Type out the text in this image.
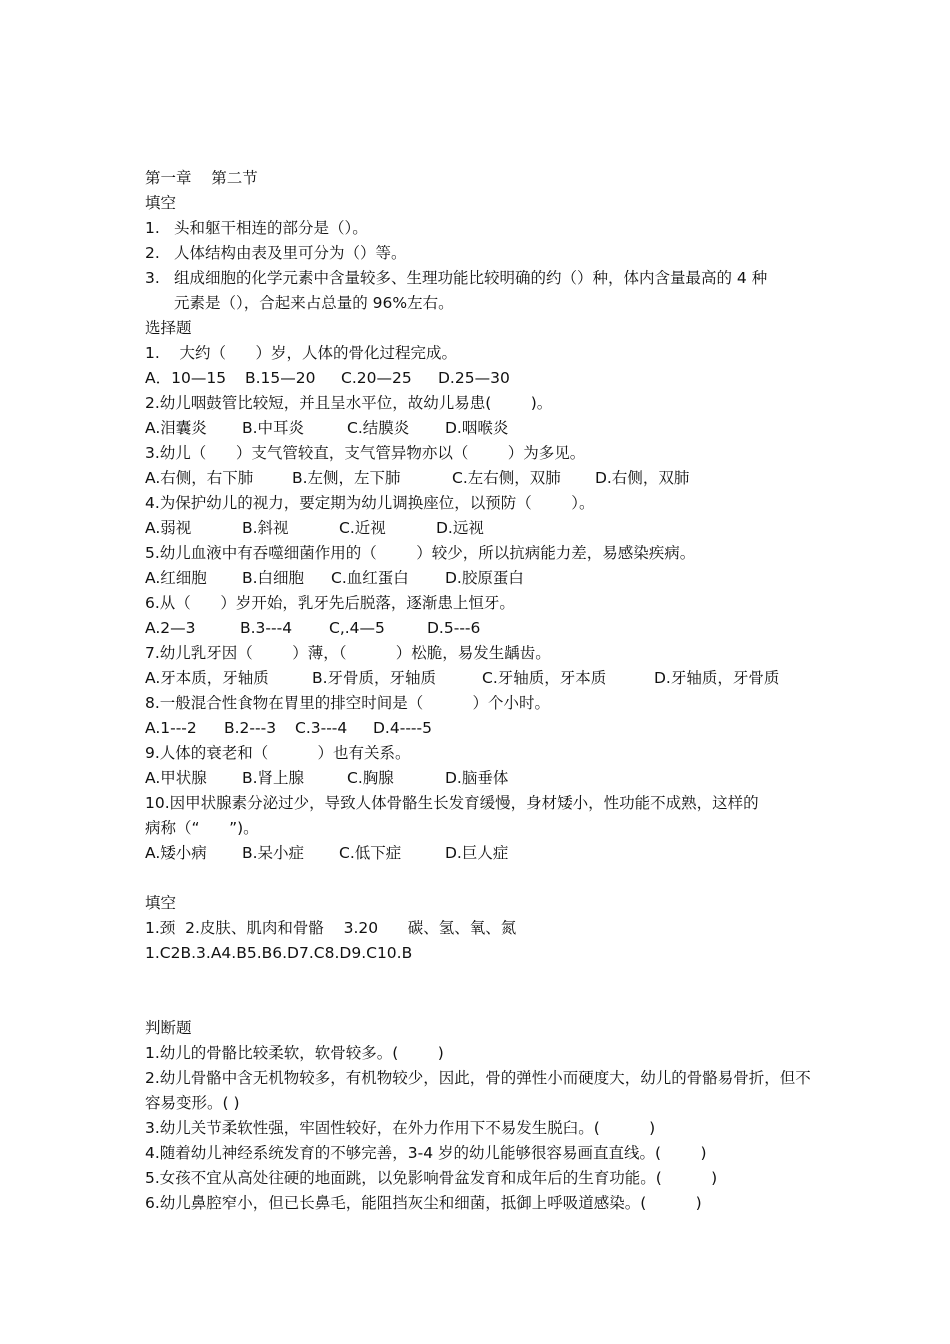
第一章    第二节
填空
1. 头和躯干相连的部分是（）。
2. 人体结构由表及里可分为（）等。
3. 组成细胞的化学元素中含量较多、生理功能比较明确的约（）种，体内含量最高的 4 种
元素是（），合起来占总量的 96%左右。
选择题
1.    大约（      ）岁，人体的骨化过程完成。
A．10—15 B.15—20 C.20—25 D.25—30
2.幼儿咽鼓管比较短，并且呈水平位，故幼儿易患(        )。
A.泪囊炎 B.中耳炎	C.结膜炎 D.咽喉炎
3.幼儿（      ）支气管较直，支气管异物亦以（        ）为多见。
A.右侧，右下肺 B.左侧，左下肺	C.左右侧，双肺 D.右侧，双肺
4.为保护幼儿的视力，要定期为幼儿调换座位，以预防（        ）。
A.弱视	B.斜视	C.近视	D.远视
5.幼儿血液中有吞噬细菌作用的（        ）较少，所以抗病能力差，易感染疾病。
A.红细胞 B.白细胞 C.血红蛋白 D.胶原蛋白
6.从（      ）岁开始，乳牙先后脱落，逐渐患上恒牙。
A.2—3	B.3---4 C,.4—5	D.5---6
7.幼儿乳牙因（        ）薄，（          ）松脆，易发生龋齿。
A.牙本质，牙轴质	B.牙骨质，牙轴质	C.牙轴质，牙本质	D.牙轴质，牙骨质
8.一般混合性食物在胃里的排空时间是（          ）个小时。
A.1---2 B.2---3 C.3---4 D.4----5
9.人体的衰老和（          ）也有关系。
A.甲状腺 B.肾上腺	C.胸腺	D.脑垂体
10.因甲状腺素分泌过少，导致人体骨骼生长发育缓慢，身材矮小，性功能不成熟，这样的
病称（“      ”)。
A.矮小病 B.呆小症 C.低下症	D.巨人症
填空
1.颈  2.皮肤、肌肉和骨骼    3.20      碳、氢、氧、氮
1.C2B.3.A4.B5.B6.D7.C8.D9.C10.B
判断题
1.幼儿的骨骼比较柔软，软骨较多。(        )
2.幼儿骨骼中含无机物较多，有机物较少，因此，骨的弹性小而硬度大，幼儿的骨骼易骨折，但不容易变形。( )
3.幼儿关节柔软性强，牢固性较好，在外力作用下不易发生脱臼。(          )
4.随着幼儿神经系统发育的不够完善，3-4 岁的幼儿能够很容易画直直线。(        )
5.女孩不宜从高处往硬的地面跳，以免影响骨盆发育和成年后的生育功能。(          )
6.幼儿鼻腔窄小，但已长鼻毛，能阻挡灰尘和细菌，抵御上呼吸道感染。(          )
